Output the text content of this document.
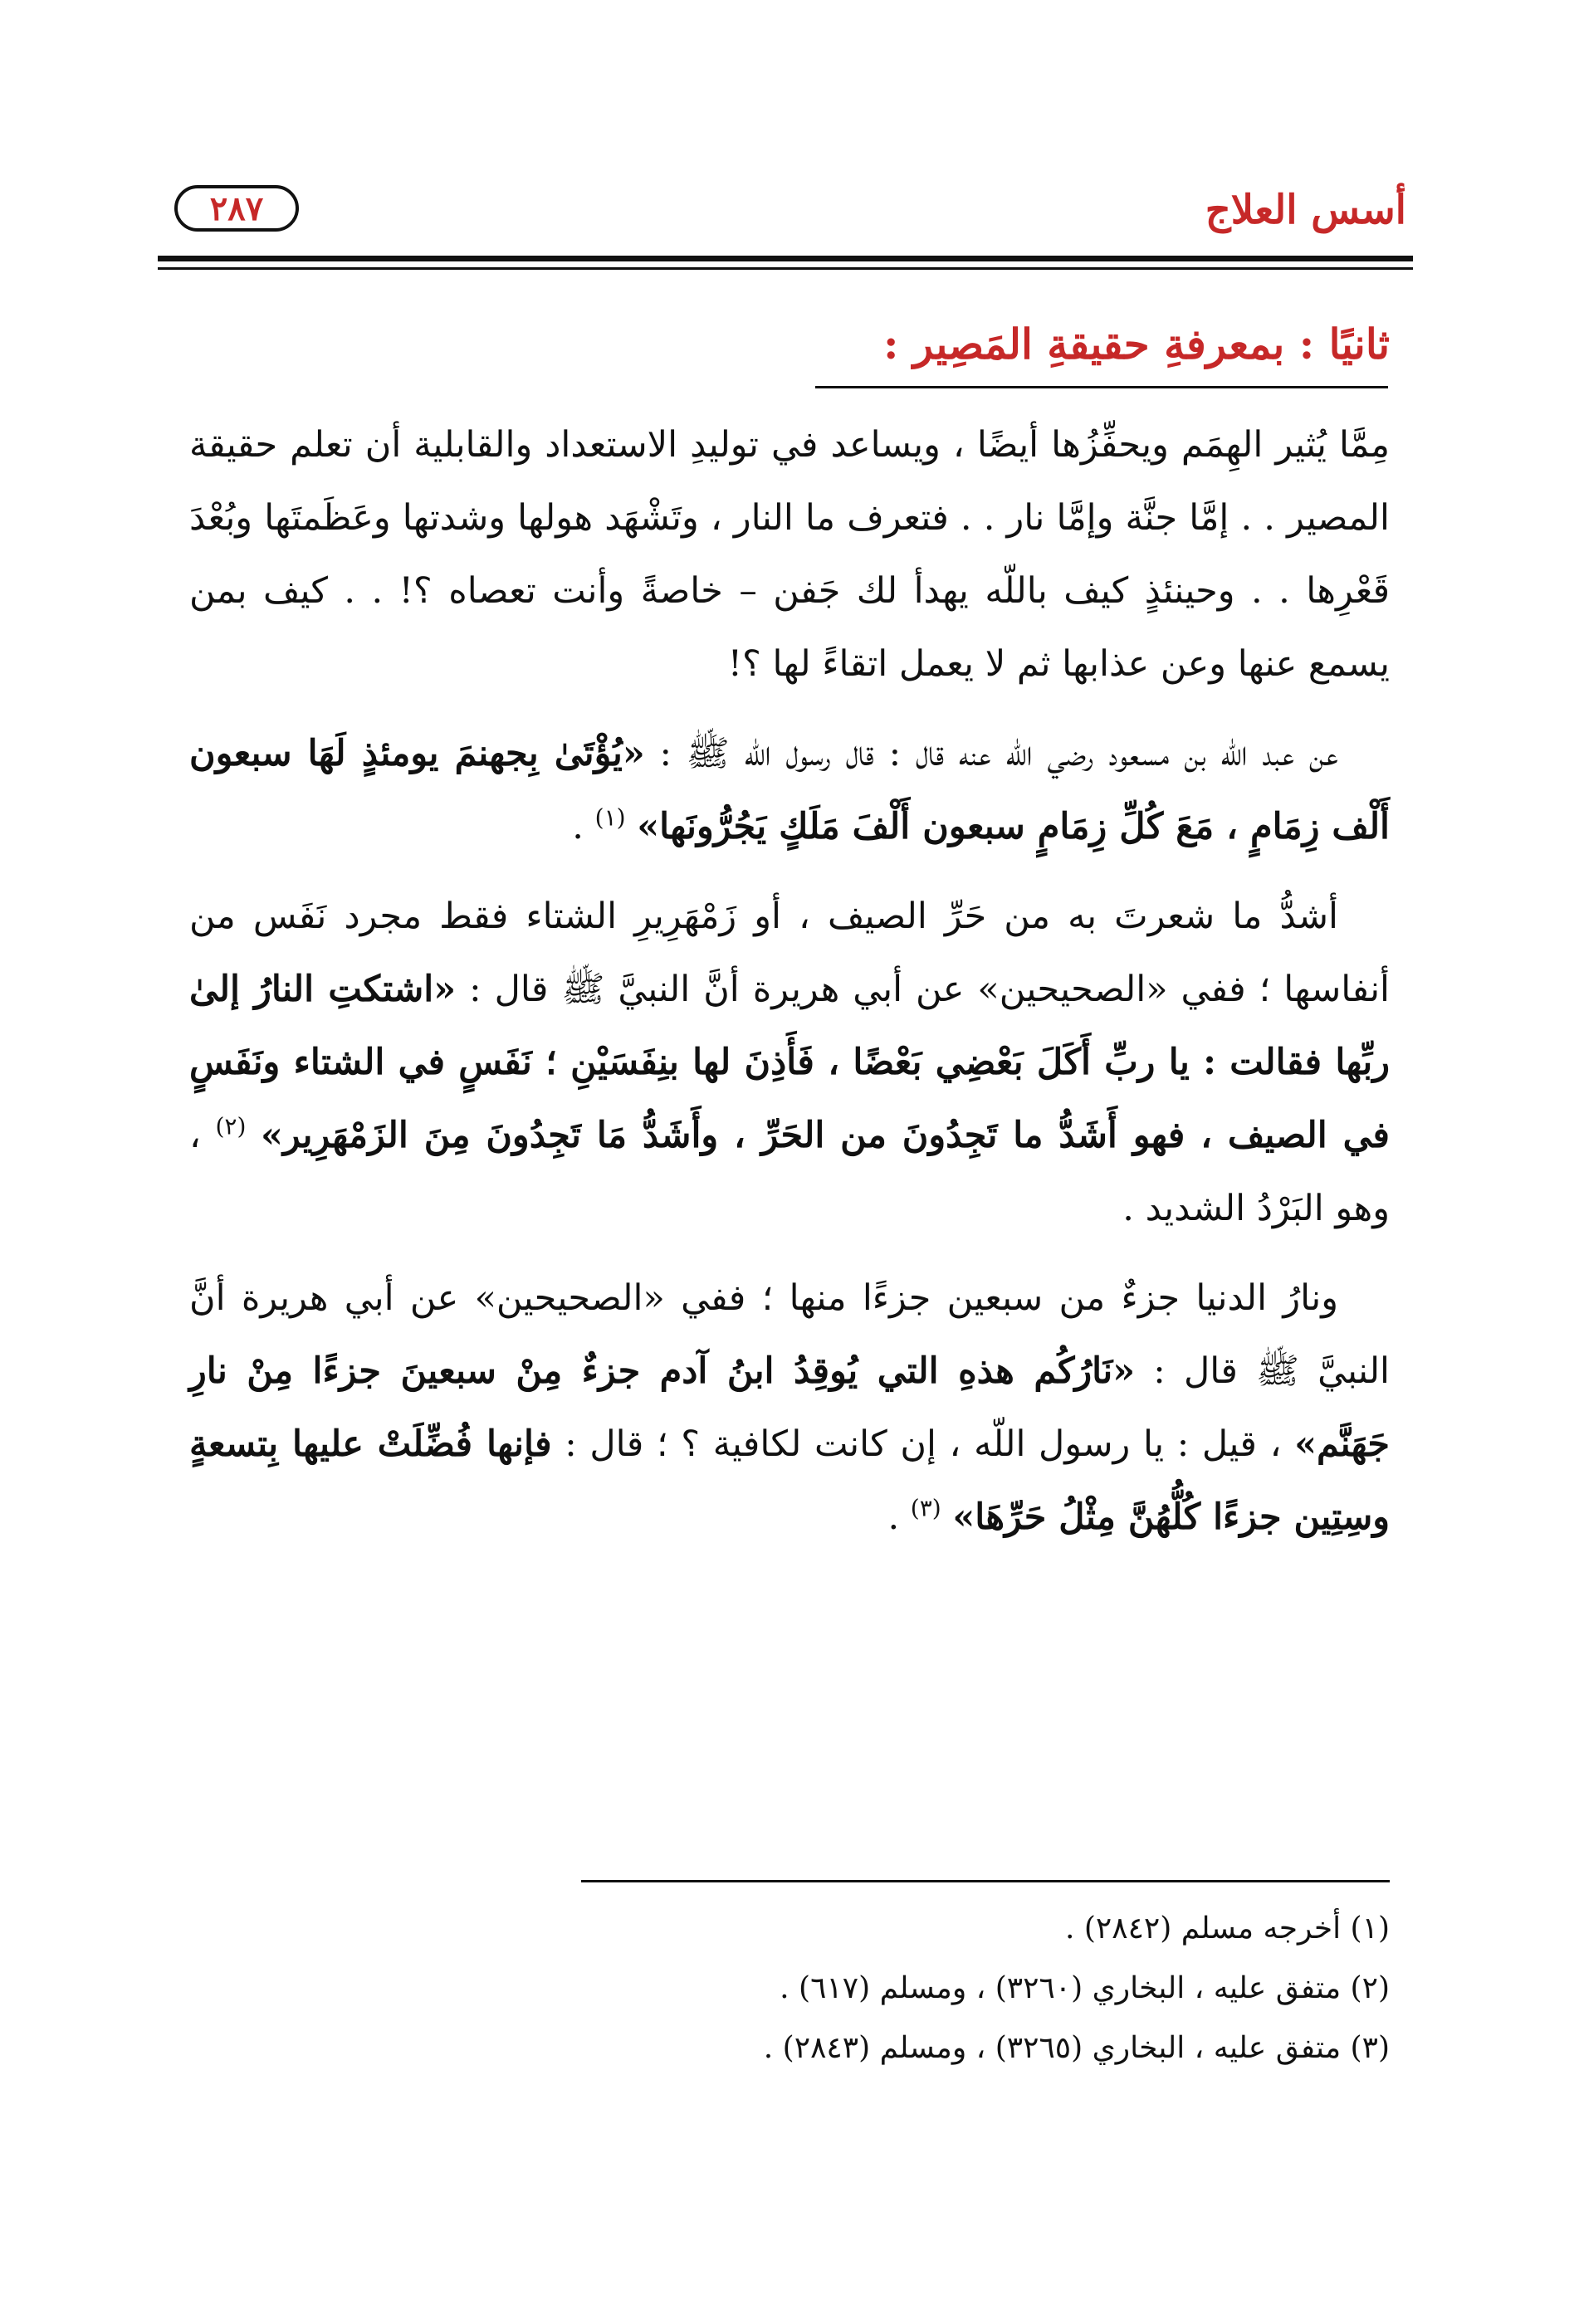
أسس العلاج
٢٨٧
ثانيًا : بمعرفةِ حقيقةِ المَصِير :

مِمَّا يُثير الهِمَم ويحفِّزُها أيضًا ، ويساعد في توليدِ الاستعداد والقابلية أن تعلم حقيقة المصير . . إمَّا جنَّة وإمَّا نار . . فتعرف ما النار ، وتَشْهَد هولها وشدتها وعَظَمتَها وبُعْدَ قَعْرِها . . وحينئذٍ كيف باللّه يهدأ لك جَفن – خاصةً وأنت تعصاه ؟! . . كيف بمن يسمع عنها وعن عذابها ثم لا يعمل اتقاءً لها ؟!

عن عبد اللّه بن مسعود رضي الله عنه قال : قال رسول اللّه ﷺ : «يُؤْتَىٰ بِجهنمَ يومئذٍ لَهَا سبعون أَلْف زِمَامٍ ، مَعَ كُلِّ زِمَامٍ سبعون أَلْفَ مَلَكٍ يَجُرُّونَها» $^{(١)}$ .

أشدُّ ما شعرتَ به من حَرِّ الصيف ، أو زَمْهَرِيرِ الشتاء فقط مجرد نَفَس من أنفاسها ؛ ففي «الصحيحين» عن أبي هريرة أنَّ النبيَّ ﷺ قال : «اشتكتِ النارُ إلىٰ ربِّها فقالت : يا ربِّ أَكَلَ بَعْضِي بَعْضًا ، فَأَذِنَ لها بنِفَسَيْنِ ؛ نَفَسٍ في الشتاء ونَفَسٍ في الصيف ، فهو أَشَدُّ ما تَجِدُونَ من الحَرِّ ، وأَشَدُّ مَا تَجِدُونَ مِنَ الزَمْهَرِير» $^{(٢)}$ ، وهو البَرْدُ الشديد .

ونارُ الدنيا جزءٌ من سبعين جزءًا منها ؛ ففي «الصحيحين» عن أبي هريرة أنَّ النبيَّ ﷺ قال : «نَارُكُم هذهِ التي يُوقِدُ ابنُ آدم جزءٌ مِنْ سبعينَ جزءًا مِنْ نارِ جَهَنَّم» ، قيل : يا رسول اللّه ، إن كانت لكافية ؟ ؛ قال : فإنها فُضِّلَتْ عليها بِتسعةٍ وسِتِين جزءًا كُلُّهُنَّ مِثْلُ حَرِّهَا» $^{(٣)}$ .

(١) أخرجه مسلم (٢٨٤٢) .
(٢) متفق عليه ، البخاري (٣٢٦٠) ، ومسلم (٦١٧) .
(٣) متفق عليه ، البخاري (٣٢٦٥) ، ومسلم (٢٨٤٣) .
